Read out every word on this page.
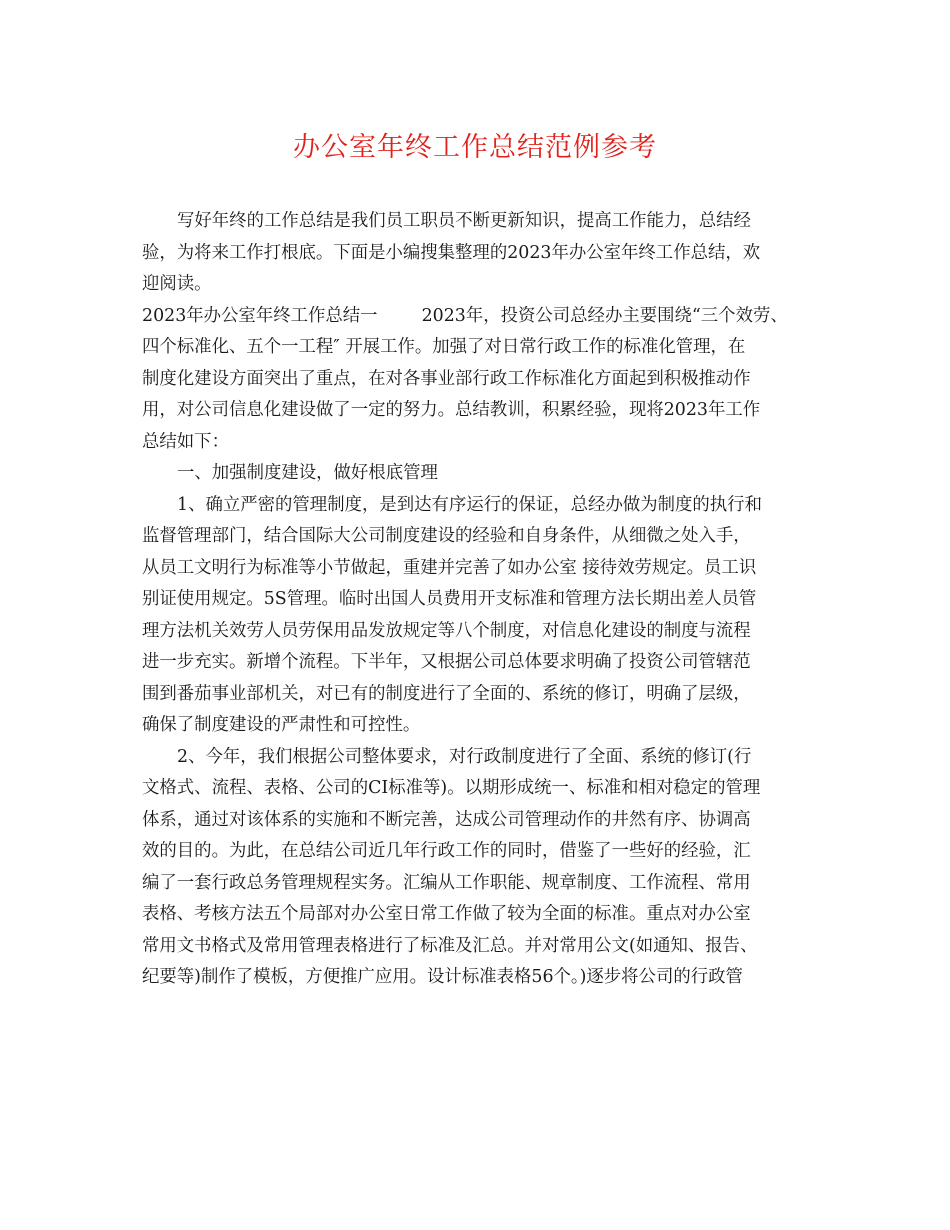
办公室年终工作总结范例参考
写好年终的工作总结是我们员工职员不断更新知识，提高工作能力，总结经
验，为将来工作打根底。下面是小编搜集整理的2023年办公室年终工作总结，欢
迎阅读。
2023年办公室年终工作总结一	2023年，投资公司总经办主要围绕“三个效劳、
四个标准化、五个一工程″ 开展工作。加强了对日常行政工作的标准化管理，在
制度化建设方面突出了重点，在对各事业部行政工作标准化方面起到积极推动作
用，对公司信息化建设做了一定的努力。总结教训，积累经验，现将2023年工作
总结如下：
一、加强制度建设，做好根底管理
1、确立严密的管理制度，是到达有序运行的保证，总经办做为制度的执行和
监督管理部门，结合国际大公司制度建设的经验和自身条件，从细微之处入手，
从员工文明行为标准等小节做起，重建并完善了如办公室 接待效劳规定。员工识
别证使用规定。5S管理。临时出国人员费用开支标准和管理方法长期出差人员管
理方法机关效劳人员劳保用品发放规定等八个制度，对信息化建设的制度与流程
进一步充实。新增个流程。下半年，又根据公司总体要求明确了投资公司管辖范
围到番茄事业部机关，对已有的制度进行了全面的、系统的修订，明确了层级，
确保了制度建设的严肃性和可控性。
2、今年，我们根据公司整体要求，对行政制度进行了全面、系统的修订(行
文格式、流程、表格、公司的CI标准等)。以期形成统一、标准和相对稳定的管理
体系，通过对该体系的实施和不断完善，达成公司管理动作的井然有序、协调高
效的目的。为此，在总结公司近几年行政工作的同时，借鉴了一些好的经验，汇
编了一套行政总务管理规程实务。汇编从工作职能、规章制度、工作流程、常用
表格、考核方法五个局部对办公室日常工作做了较为全面的标准。重点对办公室
常用文书格式及常用管理表格进行了标准及汇总。并对常用公文(如通知、报告、
纪要等)制作了模板，方便推广应用。设计标准表格56个。)逐步将公司的行政管
